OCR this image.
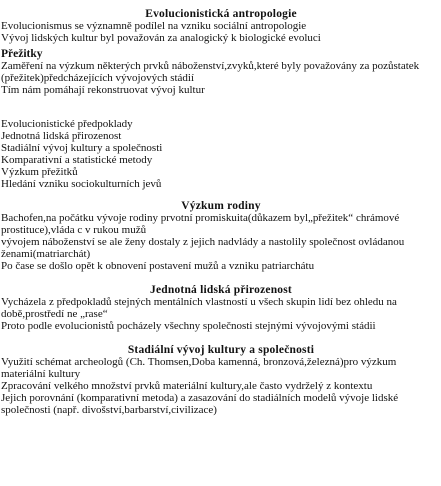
Evolucionistická antropologie
Evolucionismus se významně podílel na vzniku sociální antropologie
Vývoj lidských kultur byl považován za analogický k biologické evoluci
Přežitky
Zaměření na výzkum některých prvků náboženství,zvyků,které byly považovány za pozůstatek (přežitek)předcházejících vývojových stádií
Tím nám pomáhají rekonstruovat vývoj kultur
Evolucionistické předpoklady
Jednotná lidská přirozenost
Stadiální vývoj kultury a společnosti
Komparativní a statistické metody
Výzkum přežitků
Hledání vzniku sociokulturních jevů
Výzkum rodiny
Bachofen,na počátku vývoje rodiny prvotní promiskuita(důkazem byl„přežitek“ chrámové prostituce),vláda c v rukou mužů
vývojem náboženství se ale ženy dostaly z jejich nadvlády a nastolily společnost ovládanou ženami(matriarchát)
Po čase se došlo opět k obnovení postavení mužů a vzniku patriarchátu
Jednotná lidská přirozenost
Vycházela z předpokladů stejných mentálních vlastností u všech skupin lidí bez ohledu na době,prostředí ne „rase“
Proto podle evolucionistů pocházely všechny společnosti stejnými vývojovými stádii
Stadiální vývoj kultury a společnosti
Využití schémat archeologů (Ch. Thomsen,Doba kamenná, bronzová,železná)pro výzkum materiální kultury
Zpracování velkého množství prvků materiální kultury,ale často vydrželý z kontextu
Jejich porovnání (komparativní metoda) a zasazování do stadiálních modelů vývoje lidské společnosti (např. divošství,barbarství,civilizace)
